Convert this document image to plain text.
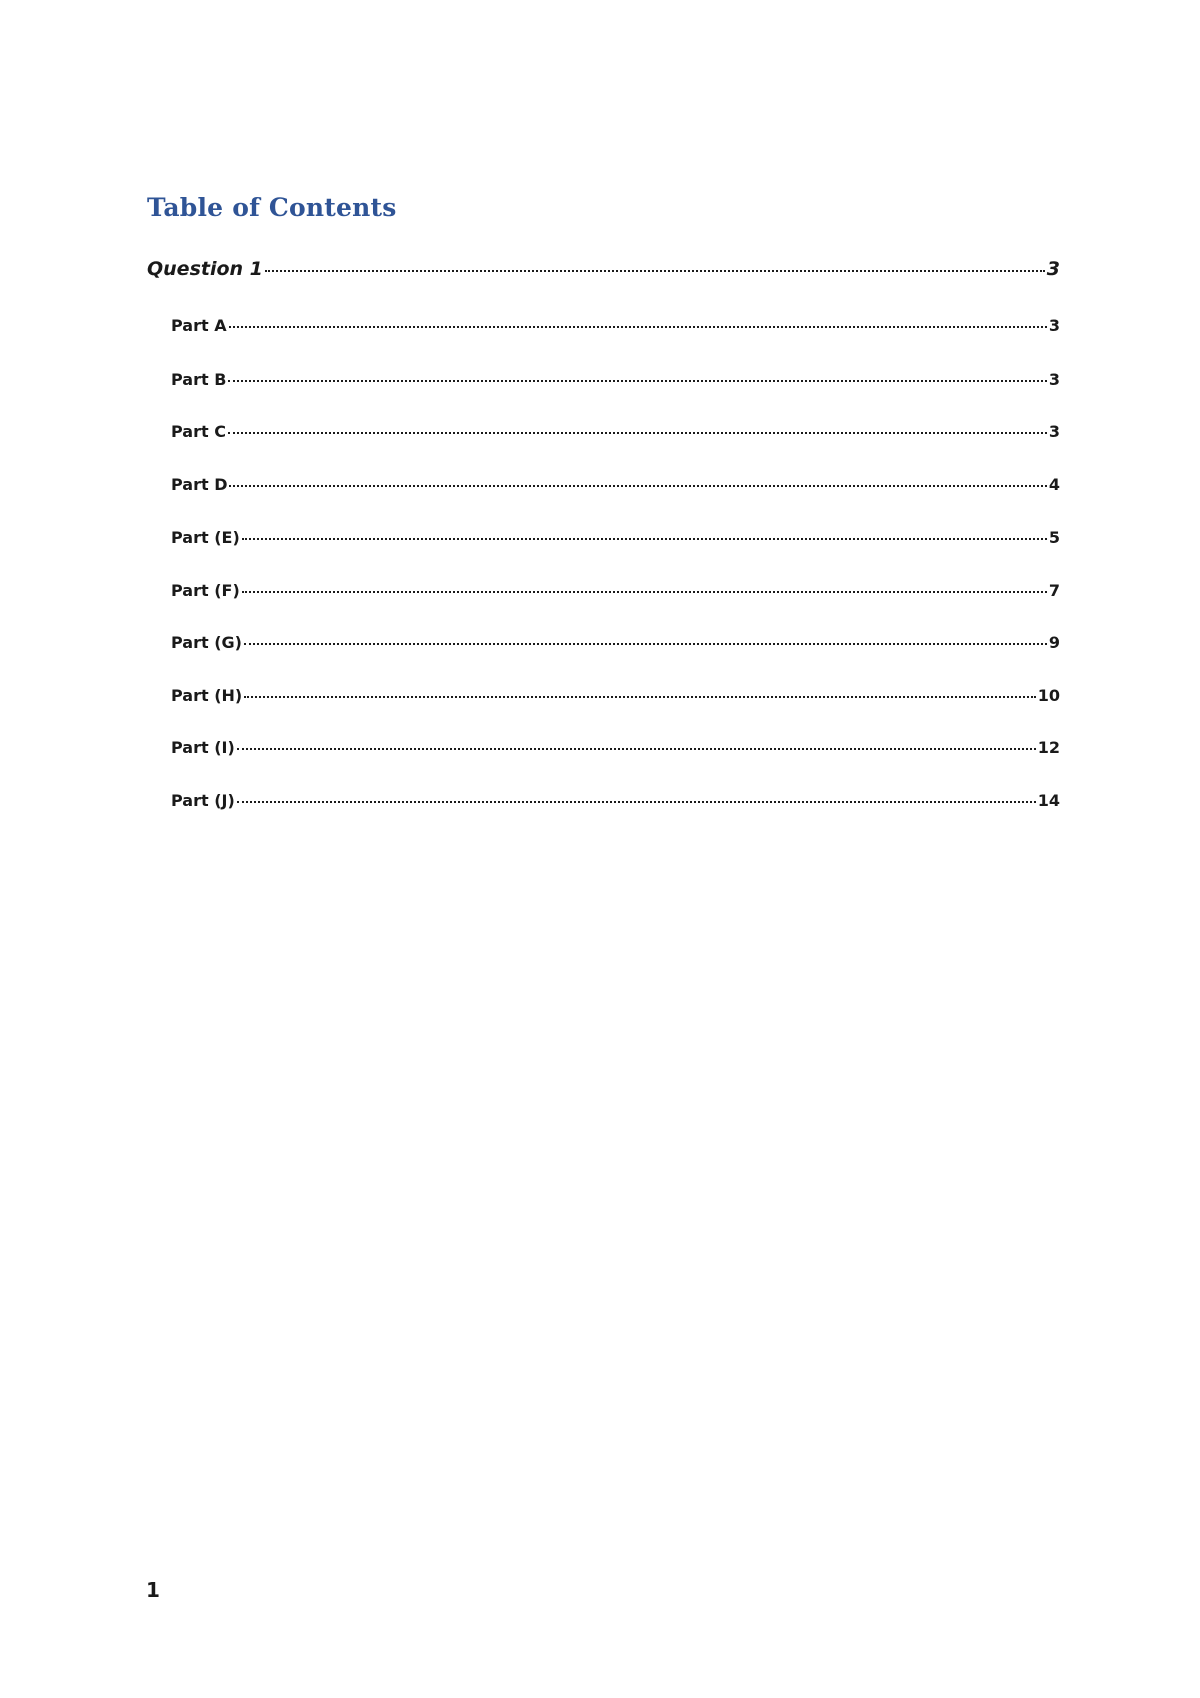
Table of Contents
Question 1	3
Part A	3
Part B	3
Part C	3
Part D	4
Part (E)	5
Part (F)	7
Part (G)	9
Part (H)	10
Part (I)	12
Part (J)	14
1
